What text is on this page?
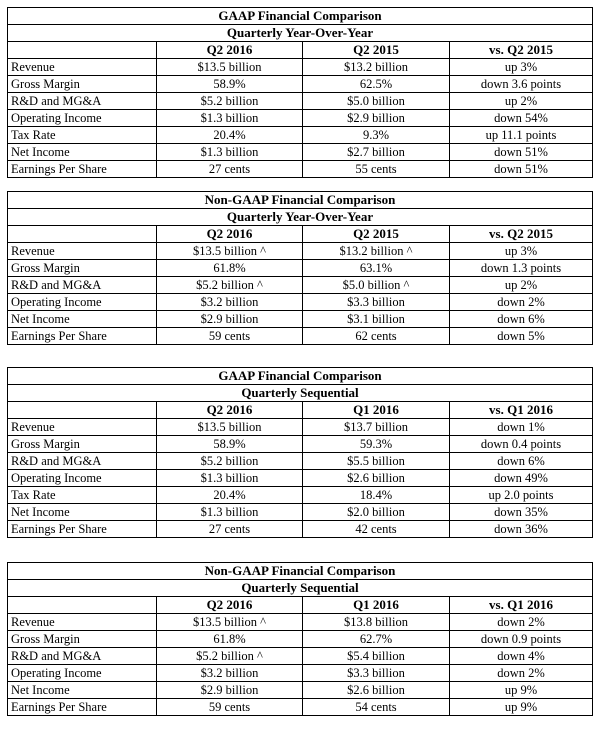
GAAP Financial Comparison			
Quarterly Year-Over-Year			
	Q2 2016	Q2 2015	vs. Q2 2015
Revenue	$13.5 billion	$13.2 billion	up 3%
Gross Margin	58.9%	62.5%	down 3.6 points
R&D and MG&A	$5.2 billion	$5.0 billion	up 2%
Operating Income	$1.3 billion	$2.9 billion	down 54%
Tax Rate	20.4%	9.3%	up 11.1 points
Net Income	$1.3 billion	$2.7 billion	down 51%
Earnings Per Share	27 cents	55 cents	down 51%
Non-GAAP Financial Comparison			
Quarterly Year-Over-Year			
	Q2 2016	Q2 2015	vs. Q2 2015
Revenue	$13.5 billion ^	$13.2 billion ^	up 3%
Gross Margin	61.8%	63.1%	down 1.3 points
R&D and MG&A	$5.2 billion ^	$5.0 billion ^	up 2%
Operating Income	$3.2 billion	$3.3 billion	down 2%
Net Income	$2.9 billion	$3.1 billion	down 6%
Earnings Per Share	59 cents	62 cents	down 5%
GAAP Financial Comparison			
Quarterly Sequential			
	Q2 2016	Q1 2016	vs. Q1 2016
Revenue	$13.5 billion	$13.7 billion	down 1%
Gross Margin	58.9%	59.3%	down 0.4 points
R&D and MG&A	$5.2 billion	$5.5 billion	down 6%
Operating Income	$1.3 billion	$2.6 billion	down 49%
Tax Rate	20.4%	18.4%	up 2.0 points
Net Income	$1.3 billion	$2.0 billion	down 35%
Earnings Per Share	27 cents	42 cents	down 36%
Non-GAAP Financial Comparison			
Quarterly Sequential			
	Q2 2016	Q1 2016	vs. Q1 2016
Revenue	$13.5 billion ^	$13.8 billion	down 2%
Gross Margin	61.8%	62.7%	down 0.9 points
R&D and MG&A	$5.2 billion ^	$5.4 billion	down 4%
Operating Income	$3.2 billion	$3.3 billion	down 2%
Net Income	$2.9 billion	$2.6 billion	up 9%
Earnings Per Share	59 cents	54 cents	up 9%
